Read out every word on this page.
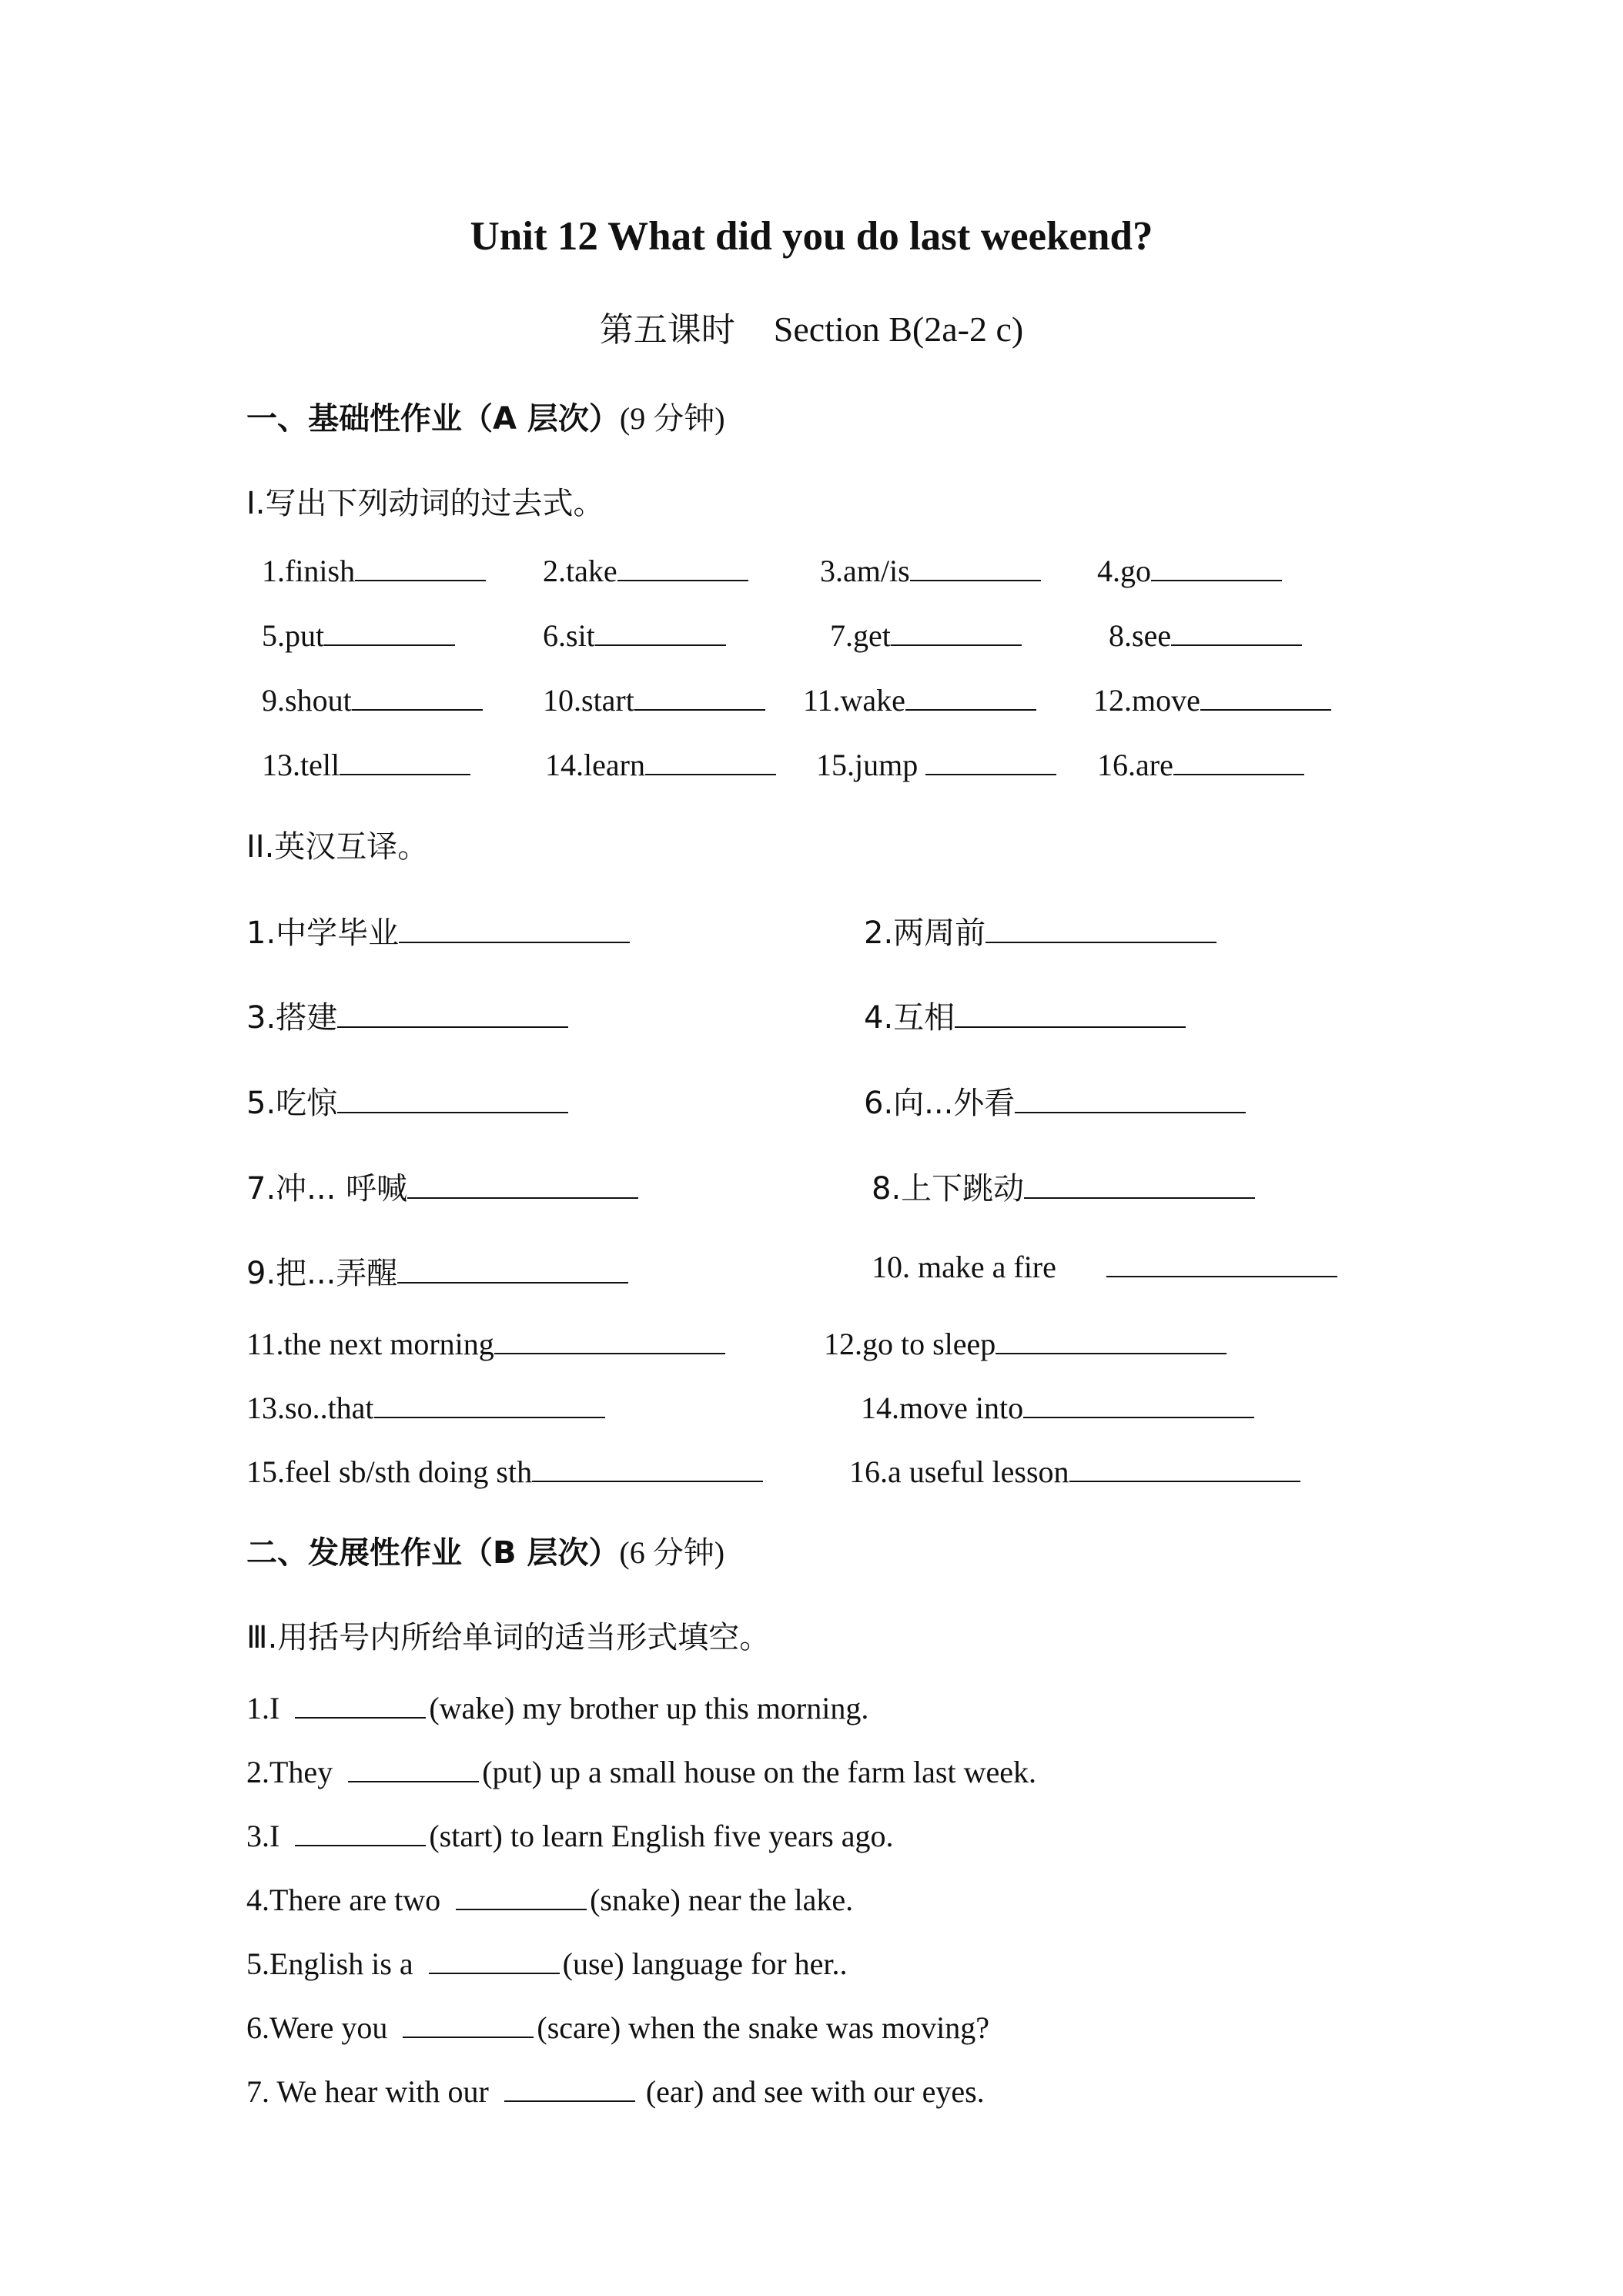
Unit 12 What did you do last weekend?
第五课时 Section B(2a-2 c)
一、基础性作业（A 层次）(9 分钟)
I.写出下列动词的过去式。
1.finish	2.take	3.am/is	4.go
5.put	6.sit	7.get	8.see
9.shout	10.start	11.wake	12.move
13.tell	14.learn	15.jump	16.are
II.英汉互译。
1.中学毕业	2.两周前
3.搭建	4.互相
5.吃惊	6.向...外看
7.冲... 呼喊	8.上下跳动
9.把...弄醒	10. make a fire
11.the next morning	12.go to sleep
13.so..that	14.move into
15.feel sb/sth doing sth	16.a useful lesson
二、发展性作业（B 层次）(6 分钟)
Ⅲ.用括号内所给单词的适当形式填空。
1.I	(wake) my brother up this morning.
2.They	(put) up a small house on the farm last week.
3.I	(start) to learn English five years ago.
4.There are two	(snake) near the lake.
5.English is a	(use) language for her..
6.Were you	(scare) when the snake was moving?
7. We hear with our	(ear) and see with our eyes.
